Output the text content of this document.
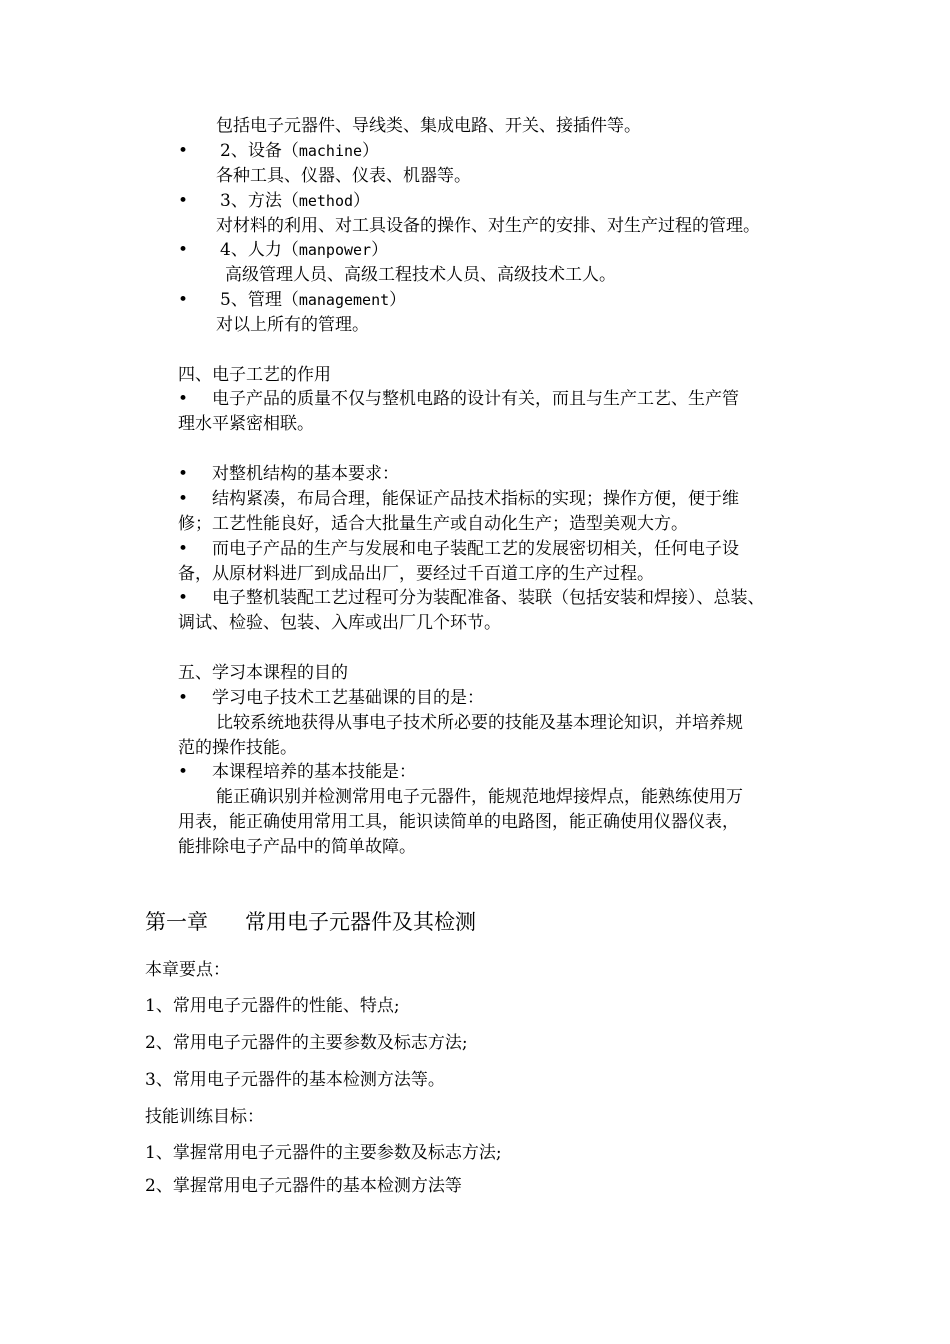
包括电子元器件、导线类、集成电路、开关、接插件等。
• 2、设备（machine）
各种工具、仪器、仪表、机器等。
• 3、方法（method）
对材料的利用、对工具设备的操作、对生产的安排、对生产过程的管理。
• 4、人力（manpower）
高级管理人员、高级工程技术人员、高级技术工人。
• 5、管理（management）
对以上所有的管理。
四、电子工艺的作用
• 电子产品的质量不仅与整机电路的设计有关，而且与生产工艺、生产管
理水平紧密相联。
• 对整机结构的基本要求：
• 结构紧凑，布局合理，能保证产品技术指标的实现；操作方便，便于维
修；工艺性能良好，适合大批量生产或自动化生产；造型美观大方。
• 而电子产品的生产与发展和电子装配工艺的发展密切相关，任何电子设
备，从原材料进厂到成品出厂，要经过千百道工序的生产过程。
• 电子整机装配工艺过程可分为装配准备、装联（包括安装和焊接）、总装、
调试、检验、包装、入库或出厂几个环节。
五、学习本课程的目的
• 学习电子技术工艺基础课的目的是：
比较系统地获得从事电子技术所必要的技能及基本理论知识，并培养规
范的操作技能。
• 本课程培养的基本技能是：
能正确识别并检测常用电子元器件，能规范地焊接焊点，能熟练使用万
用表，能正确使用常用工具，能识读简单的电路图，能正确使用仪器仪表，
能排除电子产品中的简单故障。
第一章 常用电子元器件及其检测
本章要点：
1、常用电子元器件的性能、特点;
2、常用电子元器件的主要参数及标志方法;
3、常用电子元器件的基本检测方法等。
技能训练目标：
1、掌握常用电子元器件的主要参数及标志方法;
2、掌握常用电子元器件的基本检测方法等
